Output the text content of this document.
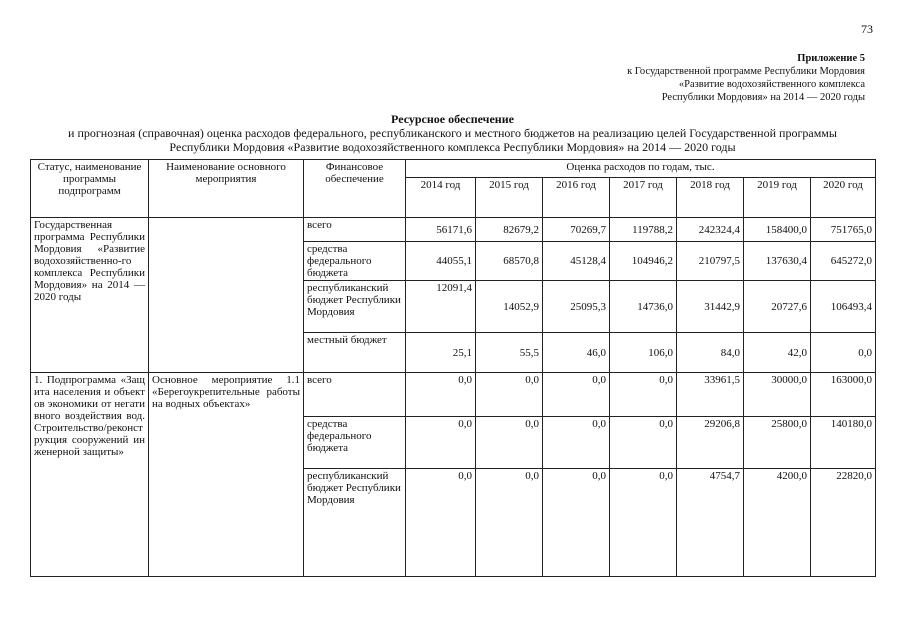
73
Приложение 5
к Государственной программе Республики Мордовия
«Развитие водохозяйственного комплекса
Республики Мордовия» на 2014 — 2020 годы
Ресурсное обеспечение
и прогнозная (справочная) оценка расходов федерального, республиканского и местного бюджетов на реализацию целей Государственной программы
Республики Мордовия «Развитие водохозяйственного комплекса Республики Мордовия» на 2014 — 2020 годы
Статус, наименование программы подпрограмм	Наименование основного мероприятия	Финансовое обеспечение	Оценка расходов по годам, тыс.						
			2014 год	2015 год	2016 год	2017 год	2018 год	2019 год	2020 год
Государственная программа Республики Мордовия «Развитие водохозяйственно-го комплекса Республики Мордовия» на 2014 — 2020 годы		всего	56171,6	82679,2	70269,7	119788,2	242324,4	158400,0	751765,0
		средства федерального бюджета	44055,1	68570,8	45128,4	104946,2	210797,5	137630,4	645272,0
		республиканский бюджет Республики Мордовия	12091,4	14052,9	25095,3	14736,0	31442,9	20727,6	106493,4
		местный бюджет	25,1	55,5	46,0	106,0	84,0	42,0	0,0
1. Подпрограмма «Защита населения и объектов экономики от негативного воздействия вод. Строительство/реконструкция сооружений инженерной защиты»	Основное мероприятие 1.1 «Берегоукрепительные работы на водных объектах»	всего	0,0	0,0	0,0	0,0	33961,5	30000,0	163000,0
		средства федерального бюджета	0,0	0,0	0,0	0,0	29206,8	25800,0	140180,0
		республиканский бюджет Республики Мордовия	0,0	0,0	0,0	0,0	4754,7	4200,0	22820,0
